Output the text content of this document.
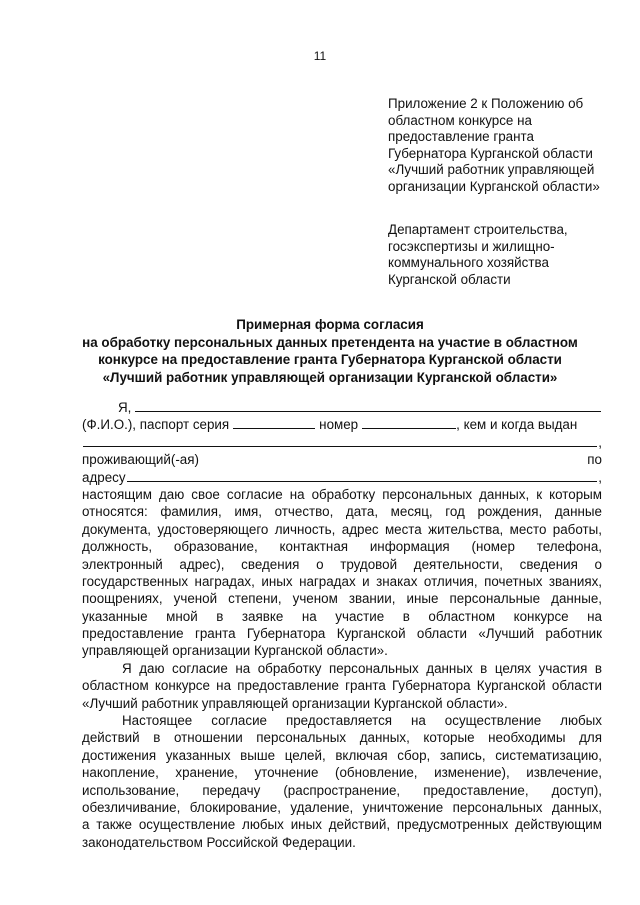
11
Приложение 2 к Положению об
областном конкурсе на
предоставление гранта
Губернатора Курганской области
«Лучший работник управляющей
организации Курганской области»
Департамент строительства,
госэкспертизы и жилищно-
коммунального хозяйства
Курганской области
Примерная форма согласия
на обработку персональных данных претендента на участие в областном
конкурсе на предоставление гранта Губернатора Курганской области
«Лучший работник управляющей организации Курганской области»
Я,
(Ф.И.О.), паспорт серия	номер	, кем и когда выдан
,
проживающий(-ая)	по
адресу	,
настоящим даю свое согласие на обработку персональных данных, к которым
относятся: фамилия, имя, отчество, дата, месяц, год рождения, данные
документа, удостоверяющего личность, адрес места жительства, место работы,
должность, образование, контактная информация (номер телефона,
электронный адрес), сведения о трудовой деятельности, сведения о
государственных наградах, иных наградах и знаках отличия, почетных званиях,
поощрениях, ученой степени, ученом звании, иные персональные данные,
указанные мной в заявке на участие в областном конкурсе на
предоставление гранта Губернатора Курганской области «Лучший работник
управляющей организации Курганской области».
Я даю согласие на обработку персональных данных в целях участия в
областном конкурсе на предоставление гранта Губернатора Курганской области
«Лучший работник управляющей организации Курганской области».
Настоящее согласие предоставляется на осуществление любых
действий в отношении персональных данных, которые необходимы для
достижения указанных выше целей, включая сбор, запись, систематизацию,
накопление, хранение, уточнение (обновление, изменение), извлечение,
использование, передачу (распространение, предоставление, доступ),
обезличивание, блокирование, удаление, уничтожение персональных данных,
а также осуществление любых иных действий, предусмотренных действующим
законодательством Российской Федерации.
